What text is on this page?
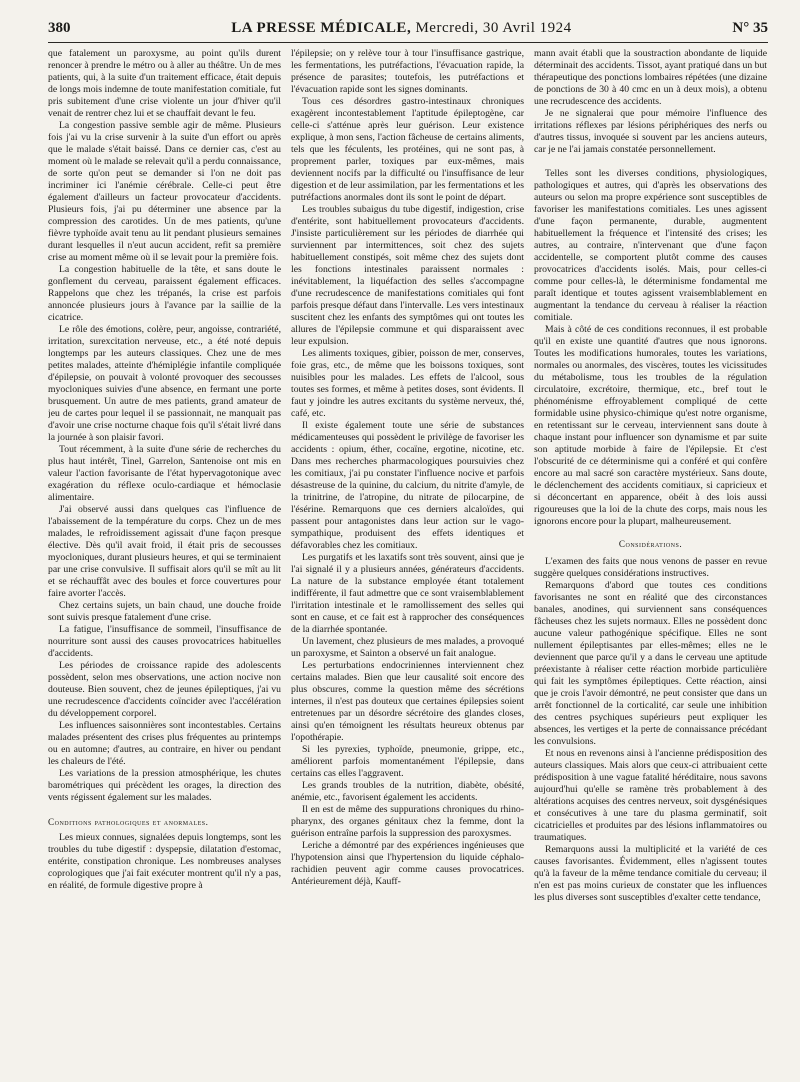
380	LA PRESSE MÉDICALE, Mercredi, 30 Avril 1924	N° 35

que fatalement un paroxysme, au point qu'ils durent renoncer à prendre le métro ou à aller au théâtre. Un de mes patients, qui, à la suite d'un traitement efficace, était depuis de longs mois indemne de toute manifestation comitiale, fut pris subitement d'une crise violente un jour d'hiver qu'il venait de rentrer chez lui et se chauffait devant le feu.

La congestion passive semble agir de même. Plusieurs fois j'ai vu la crise survenir à la suite d'un effort ou après que le malade s'était baissé. Dans ce dernier cas, c'est au moment où le malade se relevait qu'il a perdu connaissance, de sorte qu'on peut se demander si l'on ne doit pas incriminer ici l'anémie cérébrale. Celle-ci peut être également d'ailleurs un facteur provocateur d'accidents. Plusieurs fois, j'ai pu déterminer une absence par la compression des carotides. Un de mes patients, qu'une fièvre typhoïde avait tenu au lit pendant plusieurs semaines durant lesquelles il n'eut aucun accident, refit sa première crise au moment même où il se levait pour la première fois.

La congestion habituelle de la tête, et sans doute le gonflement du cerveau, paraissent également efficaces. Rappelons que chez les trépanés, la crise est parfois annoncée plusieurs jours à l'avance par la saillie de la cicatrice.

Le rôle des émotions, colère, peur, angoisse, contrariété, irritation, surexcitation nerveuse, etc., a été noté depuis longtemps par les auteurs classiques. Chez une de mes petites malades, atteinte d'hémiplégie infantile compliquée d'épilepsie, on pouvait à volonté provoquer des secousses myocloniques suivies d'une absence, en fermant une porte brusquement. Un autre de mes patients, grand amateur de jeu de cartes pour lequel il se passionnait, ne manquait pas d'avoir une crise nocturne chaque fois qu'il s'était livré dans la journée à son plaisir favori.

Tout récemment, à la suite d'une série de recherches du plus haut intérêt, Tinel, Garrelon, Santenoise ont mis en valeur l'action favorisante de l'état hypervagotonique avec exagération du réflexe oculo-cardiaque et hémoclasie alimentaire.

J'ai observé aussi dans quelques cas l'influence de l'abaissement de la température du corps. Chez un de mes malades, le refroidissement agissait d'une façon presque élective. Dès qu'il avait froid, il était pris de secousses myocloniques, durant plusieurs heures, et qui se terminaient par une crise convulsive. Il suffisait alors qu'il se mît au lit et se réchauffât avec des boules et force couvertures pour faire avorter l'accès.

Chez certains sujets, un bain chaud, une douche froide sont suivis presque fatalement d'une crise.

La fatigue, l'insuffisance de sommeil, l'insuffisance de nourriture sont aussi des causes provocatrices habituelles d'accidents.

Les périodes de croissance rapide des adolescents possèdent, selon mes observations, une action nocive non douteuse. Bien souvent, chez de jeunes épileptiques, j'ai vu une recrudescence d'accidents coïncider avec l'accélération du développement corporel.

Les influences saisonnières sont incontestables. Certains malades présentent des crises plus fréquentes au printemps ou en automne; d'autres, au contraire, en hiver ou pendant les chaleurs de l'été.

Les variations de la pression atmosphérique, les chutes barométriques qui précèdent les orages, la direction des vents régissent également sur les malades.

Conditions pathologiques et anormales.

Les mieux connues, signalées depuis longtemps, sont les troubles du tube digestif : dyspepsie, dilatation d'estomac, entérite, constipation chronique. Les nombreuses analyses coprologiques que j'ai fait exécuter montrent qu'il n'y a pas, en réalité, de formule digestive propre à

l'épilepsie; on y relève tour à tour l'insuffisance gastrique, les fermentations, les putréfactions, l'évacuation rapide, la présence de parasites; toutefois, les putréfactions et l'évacuation rapide sont les signes dominants.

Tous ces désordres gastro-intestinaux chroniques exagèrent incontestablement l'aptitude épileptogène, car celle-ci s'atténue après leur guérison. Leur existence explique, à mon sens, l'action fâcheuse de certains aliments, tels que les féculents, les protéines, qui ne sont pas, à proprement parler, toxiques par eux-mêmes, mais deviennent nocifs par la difficulté ou l'insuffisance de leur digestion et de leur assimilation, par les fermentations et les putréfactions anormales dont ils sont le point de départ.

Les troubles subaigus du tube digestif, indigestion, crise d'entérite, sont habituellement provocateurs d'accidents. J'insiste particulièrement sur les périodes de diarrhée qui surviennent par intermittences, soit chez des sujets habituellement constipés, soit même chez des sujets dont les fonctions intestinales paraissent normales : inévitablement, la liquéfaction des selles s'accompagne d'une recrudescence de manifestations comitiales qui font parfois presque défaut dans l'intervalle. Les vers intestinaux suscitent chez les enfants des symptômes qui ont toutes les allures de l'épilepsie commune et qui disparaissent avec leur expulsion.

Les aliments toxiques, gibier, poisson de mer, conserves, foie gras, etc., de même que les boissons toxiques, sont nuisibles pour les malades. Les effets de l'alcool, sous toutes ses formes, et même à petites doses, sont évidents. Il faut y joindre les autres excitants du système nerveux, thé, café, etc.

Il existe également toute une série de substances médicamenteuses qui possèdent le privilège de favoriser les accidents : opium, éther, cocaïne, ergotine, nicotine, etc. Dans mes recherches pharmacologiques poursuivies chez les comitiaux, j'ai pu constater l'influence nocive et parfois désastreuse de la quinine, du calcium, du nitrite d'amyle, de la trinitrine, de l'atropine, du nitrate de pilocarpine, de l'ésérine. Remarquons que ces derniers alcaloïdes, qui passent pour antagonistes dans leur action sur le vago-sympathique, produisent des effets identiques et défavorables chez les comitiaux.

Les purgatifs et les laxatifs sont très souvent, ainsi que je l'ai signalé il y a plusieurs années, générateurs d'accidents. La nature de la substance employée étant totalement indifférente, il faut admettre que ce sont vraisemblablement l'irritation intestinale et le ramollissement des selles qui sont en cause, et ce fait est à rapprocher des conséquences de la diarrhée spontanée.

Un lavement, chez plusieurs de mes malades, a provoqué un paroxysme, et Sainton a observé un fait analogue.

Les perturbations endocriniennes interviennent chez certains malades. Bien que leur causalité soit encore des plus obscures, comme la question même des sécrétions internes, il n'est pas douteux que certaines épilepsies soient entretenues par un désordre sécrétoire des glandes closes, ainsi qu'en témoignent les résultats heureux obtenus par l'opothérapie.

Si les pyrexies, typhoïde, pneumonie, grippe, etc., améliorent parfois momentanément l'épilepsie, dans certains cas elles l'aggravent.

Les grands troubles de la nutrition, diabète, obésité, anémie, etc., favorisent également les accidents.

Il en est de même des suppurations chroniques du rhino-pharynx, des organes génitaux chez la femme, dont la guérison entraîne parfois la suppression des paroxysmes.

Leriche a démontré par des expériences ingénieuses que l'hypotension ainsi que l'hypertension du liquide céphalo-rachidien peuvent agir comme causes provocatrices. Antérieurement déjà, Kauff-

mann avait établi que la soustraction abondante de liquide déterminait des accidents. Tissot, ayant pratiqué dans un but thérapeutique des ponctions lombaires répétées (une dizaine de ponctions de 30 à 40 cmc en un à deux mois), a obtenu une recrudescence des accidents.

Je ne signalerai que pour mémoire l'influence des irritations réflexes par lésions périphériques des nerfs ou d'autres tissus, invoquée si souvent par les anciens auteurs, car je ne l'ai jamais constatée personnellement.

Telles sont les diverses conditions, physiologiques, pathologiques et autres, qui d'après les observations des auteurs ou selon ma propre expérience sont susceptibles de favoriser les manifestations comitiales. Les unes agissent d'une façon permanente, durable, augmentent habituellement la fréquence et l'intensité des crises; les autres, au contraire, n'intervenant que d'une façon accidentelle, se comportent plutôt comme des causes provocatrices d'accidents isolés. Mais, pour celles-ci comme pour celles-là, le déterminisme fondamental me paraît identique et toutes agissent vraisemblablement en augmentant la tendance du cerveau à réaliser la réaction comitiale.

Mais à côté de ces conditions reconnues, il est probable qu'il en existe une quantité d'autres que nous ignorons. Toutes les modifications humorales, toutes les variations, normales ou anormales, des viscères, toutes les vicissitudes du métabolisme, tous les troubles de la régulation circulatoire, excrétoire, thermique, etc., bref tout le phénoménisme effroyablement compliqué de cette formidable usine physico-chimique qu'est notre organisme, en retentissant sur le cerveau, interviennent sans doute à chaque instant pour influencer son dynamisme et par suite son aptitude morbide à faire de l'épilepsie. Et c'est l'obscurité de ce déterminisme qui a conféré et qui confère encore au mal sacré son caractère mystérieux. Sans doute, le déclenchement des accidents comitiaux, si capricieux et si déconcertant en apparence, obéit à des lois aussi rigoureuses que la loi de la chute des corps, mais nous les ignorons encore pour la plupart, malheureusement.

Considérations.

L'examen des faits que nous venons de passer en revue suggère quelques considérations instructives.

Remarquons d'abord que toutes ces conditions favorisantes ne sont en réalité que des circonstances banales, anodines, qui surviennent sans conséquences fâcheuses chez les sujets normaux. Elles ne possèdent donc aucune valeur pathogénique spécifique. Elles ne sont nullement épileptisantes par elles-mêmes; elles ne le deviennent que parce qu'il y a dans le cerveau une aptitude préexistante à réaliser cette réaction morbide particulière qui fait les symptômes épileptiques. Cette réaction, ainsi que je crois l'avoir démontré, ne peut consister que dans un arrêt fonctionnel de la corticalité, car seule une inhibition des centres psychiques supérieurs peut expliquer les absences, les vertiges et la perte de connaissance précédant les convulsions.

Et nous en revenons ainsi à l'ancienne prédisposition des auteurs classiques. Mais alors que ceux-ci attribuaient cette prédisposition à une vague fatalité héréditaire, nous savons aujourd'hui qu'elle se ramène très probablement à des altérations acquises des centres nerveux, soit dysgénésiques et consécutives à une tare du plasma germinatif, soit cicatricielles et produites par des lésions inflammatoires ou traumatiques.

Remarquons aussi la multiplicité et la variété de ces causes favorisantes. Évidemment, elles n'agissent toutes qu'à la faveur de la même tendance comitiale du cerveau; il n'en est pas moins curieux de constater que les influences les plus diverses sont susceptibles d'exalter cette tendance,
